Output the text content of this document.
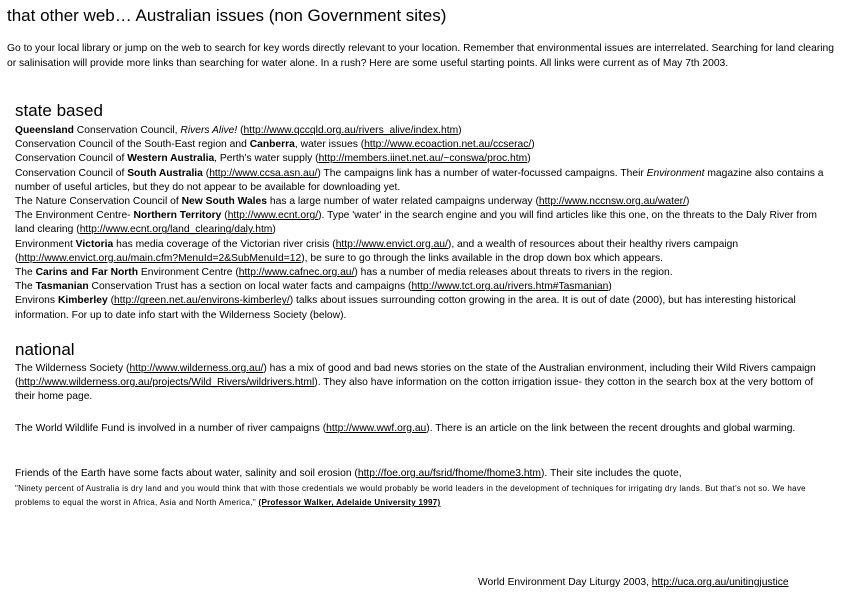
that other web… Australian issues (non Government sites)
Go to your local library or jump on the web to search for key words directly relevant to your location. Remember that environmental issues are interrelated. Searching for land clearing or salinisation will provide more links than searching for water alone. In a rush? Here are some useful starting points. All links were current as of May 7th 2003.
state based

Queensland Conservation Council, Rivers Alive! (http://www.qccqld.org.au/rivers_alive/index.htm)

Conservation Council of the South-East region and Canberra, water issues (http://www.ecoaction.net.au/ccserac/)

Conservation Council of Western Australia, Perth's water supply (http://members.iinet.net.au/~conswa/proc.htm)

Conservation Council of South Australia (http://www.ccsa.asn.au/) The campaigns link has a number of water-focussed campaigns. Their Environment magazine also contains a number of useful articles, but they do not appear to be available for downloading yet.

The Nature Conservation Council of New South Wales has a large number of water related campaigns underway (http://www.nccnsw.org.au/water/)

The Environment Centre- Northern Territory (http://www.ecnt.org/). Type 'water' in the search engine and you will find articles like this one, on the threats to the Daly River from land clearing (http://www.ecnt.org/land_clearing/daly.htm)

Environment Victoria has media coverage of the Victorian river crisis (http://www.envict.org.au/), and a wealth of resources about their healthy rivers campaign (http://www.envict.org.au/main.cfm?MenuId=2&SubMenuId=12), be sure to go through the links available in the drop down box which appears.

The Carins and Far North Environment Centre (http://www.cafnec.org.au/) has a number of media releases about threats to rivers in the region.

The Tasmanian Conservation Trust has a section on local water facts and campaigns (http://www.tct.org.au/rivers.htm#Tasmanian)

Environs Kimberley (http://green.net.au/environs-kimberley/) talks about issues surrounding cotton growing in the area. It is out of date (2000), but has interesting historical information. For up to date info start with the Wilderness Society (below).

national
The Wilderness Society (http://www.wilderness.org.au/) has a mix of good and bad news stories on the state of the Australian environment, including their Wild Rivers campaign (http://www.wilderness.org.au/projects/Wild_Rivers/wildrivers.html). They also have information on the cotton irrigation issue- they cotton in the search box at the very bottom of their home page.
The World Wildlife Fund is involved in a number of river campaigns (http://www.wwf.org.au). There is an article on the link between the recent droughts and global warming.
Friends of the Earth have some facts about water, salinity and soil erosion (http://foe.org.au/fsrid/fhome/fhome3.htm). Their site includes the quote,
"Ninety percent of Australia is dry land and you would think that with those credentials we would probably be world leaders in the development of techniques for irrigating dry lands. But that's not so. We have problems to equal the worst in Africa, Asia and North America," (Professor Walker, Adelaide University 1997)
World Environment Day Liturgy 2003, http://uca.org.au/unitingjustice
